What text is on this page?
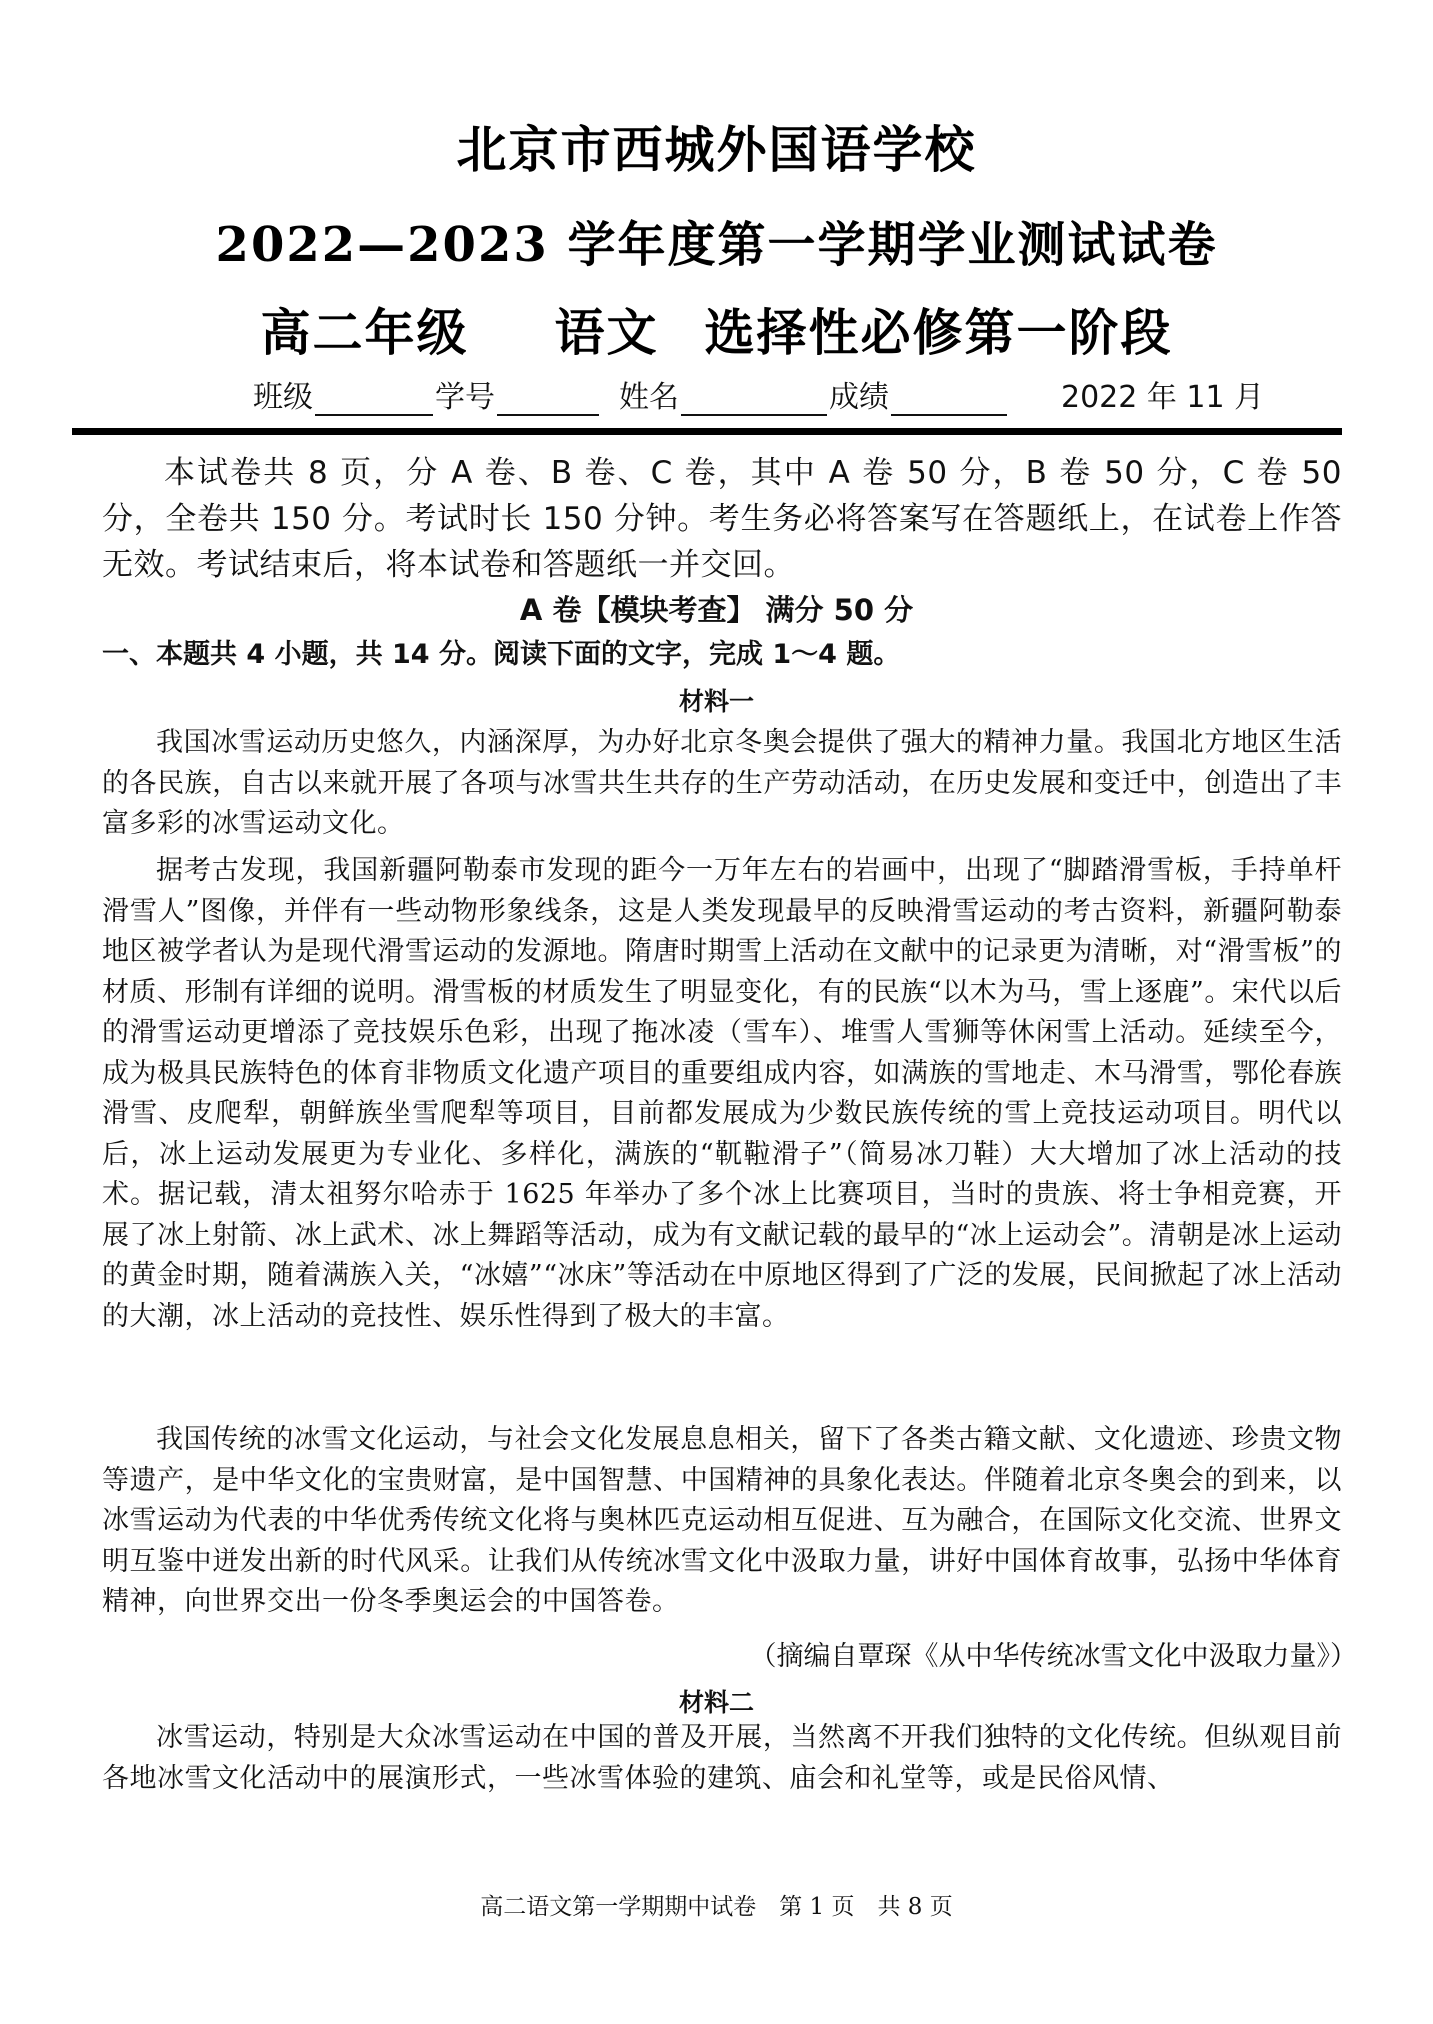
北京市西城外国语学校
2022—2023 学年度第一学期学业测试试卷
高二年级 语文 选择性必修第一阶段
班级	学号	姓名	成绩	2022 年 11 月

本试卷共 8 页，分 A 卷、B 卷、C 卷，其中 A 卷 50 分，B 卷 50 分，C 卷 50 分，全卷共 150 分。考试时长 150 分钟。考生务必将答案写在答题纸上，在试卷上作答无效。考试结束后，将本试卷和答题纸一并交回。

A 卷【模块考查】 满分 50 分
一、本题共 4 小题，共 14 分。阅读下面的文字，完成 1～4 题。
材料一

我国冰雪运动历史悠久，内涵深厚，为办好北京冬奥会提供了强大的精神力量。我国北方地区生活的各民族，自古以来就开展了各项与冰雪共生共存的生产劳动活动，在历史发展和变迁中，创造出了丰富多彩的冰雪运动文化。

据考古发现，我国新疆阿勒泰市发现的距今一万年左右的岩画中，出现了“脚踏滑雪板，手持单杆滑雪人”图像，并伴有一些动物形象线条，这是人类发现最早的反映滑雪运动的考古资料，新疆阿勒泰地区被学者认为是现代滑雪运动的发源地。隋唐时期雪上活动在文献中的记录更为清晰，对“滑雪板”的材质、形制有详细的说明。滑雪板的材质发生了明显变化，有的民族“以木为马，雪上逐鹿”。宋代以后的滑雪运动更增添了竞技娱乐色彩，出现了拖冰凌（雪车）、堆雪人雪狮等休闲雪上活动。延续至今，成为极具民族特色的体育非物质文化遗产项目的重要组成内容，如满族的雪地走、木马滑雪，鄂伦春族滑雪、皮爬犁，朝鲜族坐雪爬犁等项目，目前都发展成为少数民族传统的雪上竞技运动项目。明代以后，冰上运动发展更为专业化、多样化，满族的“靰鞡滑子”（简易冰刀鞋）大大增加了冰上活动的技术。据记载，清太祖努尔哈赤于 1625 年举办了多个冰上比赛项目，当时的贵族、将士争相竞赛，开展了冰上射箭、冰上武术、冰上舞蹈等活动，成为有文献记载的最早的“冰上运动会”。清朝是冰上运动的黄金时期，随着满族入关，“冰嬉”“冰床”等活动在中原地区得到了广泛的发展，民间掀起了冰上活动的大潮，冰上活动的竞技性、娱乐性得到了极大的丰富。

我国传统的冰雪文化运动，与社会文化发展息息相关，留下了各类古籍文献、文化遗迹、珍贵文物等遗产，是中华文化的宝贵财富，是中国智慧、中国精神的具象化表达。伴随着北京冬奥会的到来，以冰雪运动为代表的中华优秀传统文化将与奥林匹克运动相互促进、互为融合，在国际文化交流、世界文明互鉴中迸发出新的时代风采。让我们从传统冰雪文化中汲取力量，讲好中国体育故事，弘扬中华体育精神，向世界交出一份冬季奥运会的中国答卷。

（摘编自覃琛《从中华传统冰雪文化中汲取力量》）
材料二

冰雪运动，特别是大众冰雪运动在中国的普及开展，当然离不开我们独特的文化传统。但纵观目前各地冰雪文化活动中的展演形式，一些冰雪体验的建筑、庙会和礼堂等，或是民俗风情、

高二语文第一学期期中试卷　第 1 页　共 8 页
